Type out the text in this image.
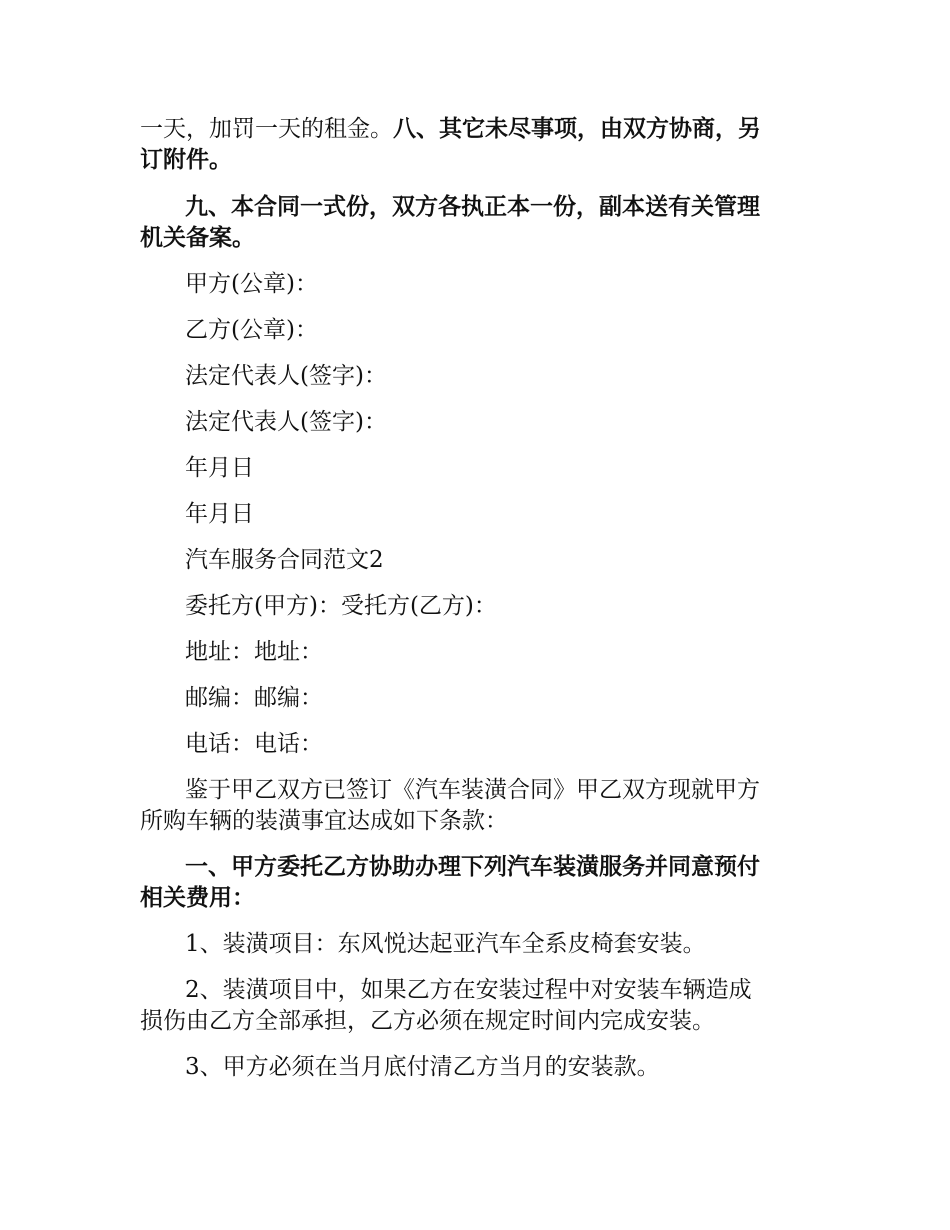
一天，加罚一天的租金。八、其它未尽事项，由双方协商，另
订附件。
九、本合同一式份，双方各执正本一份，副本送有关管理
机关备案。
甲方(公章)：
乙方(公章)：
法定代表人(签字)：
法定代表人(签字)：
年月日
年月日
汽车服务合同范文2
委托方(甲方)：受托方(乙方)：
地址：地址：
邮编：邮编：
电话：电话：
鉴于甲乙双方已签订《汽车装潢合同》甲乙双方现就甲方
所购车辆的装潢事宜达成如下条款：
一、甲方委托乙方协助办理下列汽车装潢服务并同意预付
相关费用：
1、装潢项目：东风悦达起亚汽车全系皮椅套安装。
2、装潢项目中，如果乙方在安装过程中对安装车辆造成
损伤由乙方全部承担，乙方必须在规定时间内完成安装。
3、甲方必须在当月底付清乙方当月的安装款。
